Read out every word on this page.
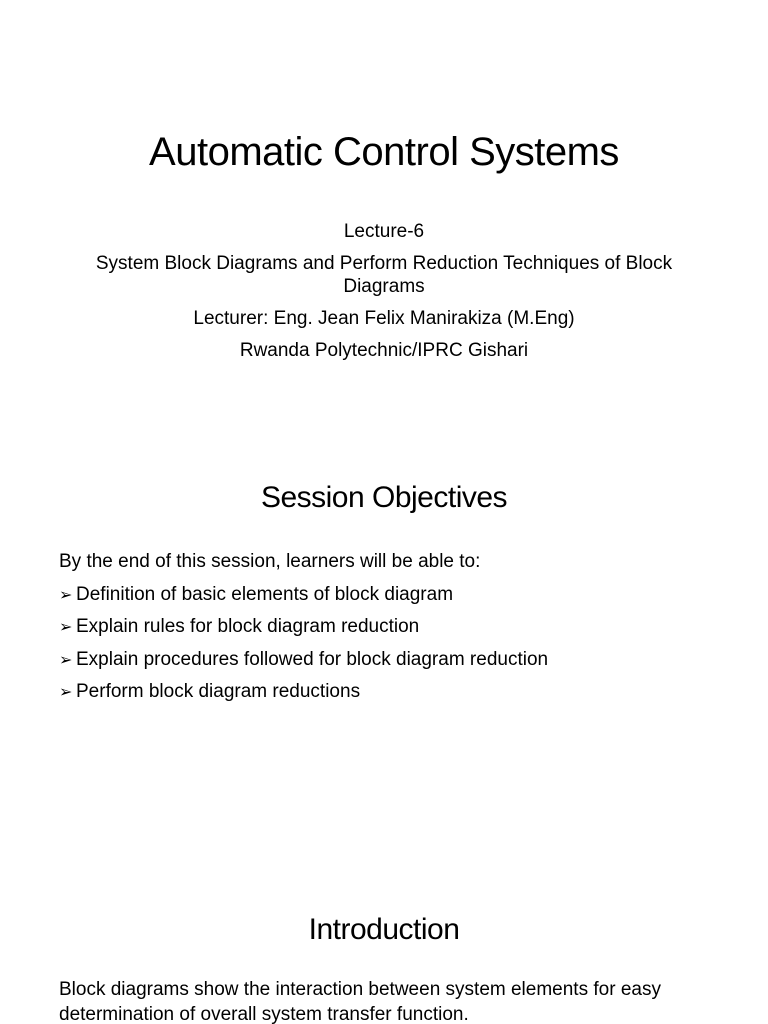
Automatic Control Systems
Lecture-6
System Block Diagrams and Perform Reduction Techniques of Block Diagrams
Lecturer: Eng. Jean Felix Manirakiza (M.Eng)
Rwanda Polytechnic/IPRC Gishari
Session Objectives
By the end of this session, learners will be able to:
➢ Definition of basic elements of block diagram
➢ Explain rules for block diagram reduction
➢ Explain procedures followed for block diagram reduction
➢ Perform block diagram reductions
Introduction
Block diagrams show the interaction between system elements for easy determination of overall system transfer function.
